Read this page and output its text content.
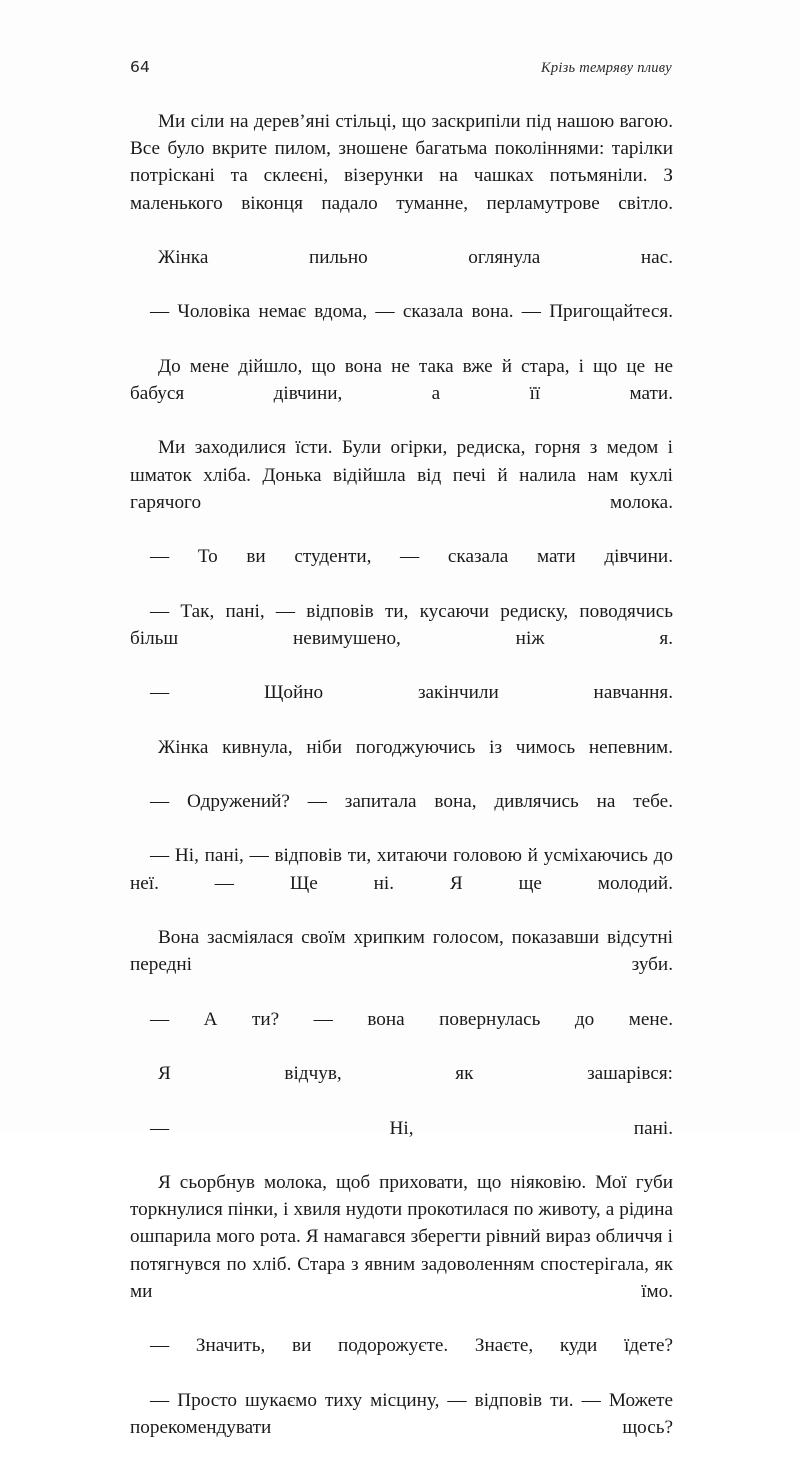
64	Крізь темряву пливу

Ми сіли на дерев’яні стільці, що заскрипіли під нашою вагою. Все було вкрите пилом, зношене багатьма поколіннями: тарілки потріскані та склеєні, візерунки на чашках потьмяніли. З маленького віконця падало туманне, перламутрове світло.

Жінка пильно оглянула нас.

— Чоловіка немає вдома, — сказала вона. — Пригощайтеся.

До мене дійшло, що вона не така вже й стара, і що це не бабуся дівчини, а її мати.

Ми заходилися їсти. Були огірки, редиска, горня з медом і шматок хліба. Донька відійшла від печі й налила нам кухлі гарячого молока.

— То ви студенти, — сказала мати дівчини.

— Так, пані, — відповів ти, кусаючи редиску, поводячись більш невимушено, ніж я.

— Щойно закінчили навчання.

Жінка кивнула, ніби погоджуючись із чимось непевним.

— Одружений? — запитала вона, дивлячись на тебе.

— Ні, пані, — відповів ти, хитаючи головою й усміхаючись до неї. — Ще ні. Я ще молодий.

Вона засміялася своїм хрипким голосом, показавши відсутні передні зуби.

— А ти? — вона повернулась до мене.

Я відчув, як зашарівся:

— Ні, пані.

Я сьорбнув молока, щоб приховати, що ніяковію. Мої губи торкнулися пінки, і хвиля нудоти прокотилася по животу, а рідина ошпарила мого рота. Я намагався зберегти рівний вираз обличчя і потягнувся по хліб. Стара з явним задоволенням спостерігала, як ми їмо.

— Значить, ви подорожуєте. Знаєте, куди їдете?

— Просто шукаємо тиху місцину, — відповів ти. — Можете порекомендувати щось?
